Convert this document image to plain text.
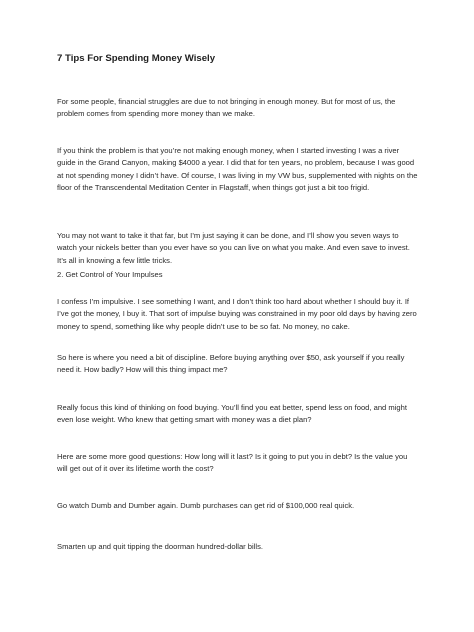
7 Tips For Spending Money Wisely

For some people, financial struggles are due to not bringing in enough money. But for most of us, the problem comes from spending more money than we make.

If you think the problem is that you’re not making enough money, when I started investing I was a river guide in the Grand Canyon, making $4000 a year. I did that for ten years, no problem, because I was good at not spending money I didn’t have. Of course, I was living in my VW bus, supplemented with nights on the floor of the Transcendental Meditation Center in Flagstaff, when things got just a bit too frigid.

You may not want to take it that far, but I’m just saying it can be done, and I’ll show you seven ways to watch your nickels better than you ever have so you can live on what you make. And even save to invest. It’s all in knowing a few little tricks.

2. Get Control of Your Impulses

I confess I’m impulsive. I see something I want, and I don’t think too hard about whether I should buy it. If I’ve got the money, I buy it. That sort of impulse buying was constrained in my poor old days by having zero money to spend, something like why people didn’t use to be so fat. No money, no cake.

So here is where you need a bit of discipline. Before buying anything over $50, ask yourself if you really need it. How badly? How will this thing impact me?

Really focus this kind of thinking on food buying. You’ll find you eat better, spend less on food, and might even lose weight. Who knew that getting smart with money was a diet plan?

Here are some more good questions: How long will it last? Is it going to put you in debt? Is the value you will get out of it over its lifetime worth the cost?

Go watch Dumb and Dumber again. Dumb purchases can get rid of $100,000 real quick.

Smarten up and quit tipping the doorman hundred-dollar bills.
